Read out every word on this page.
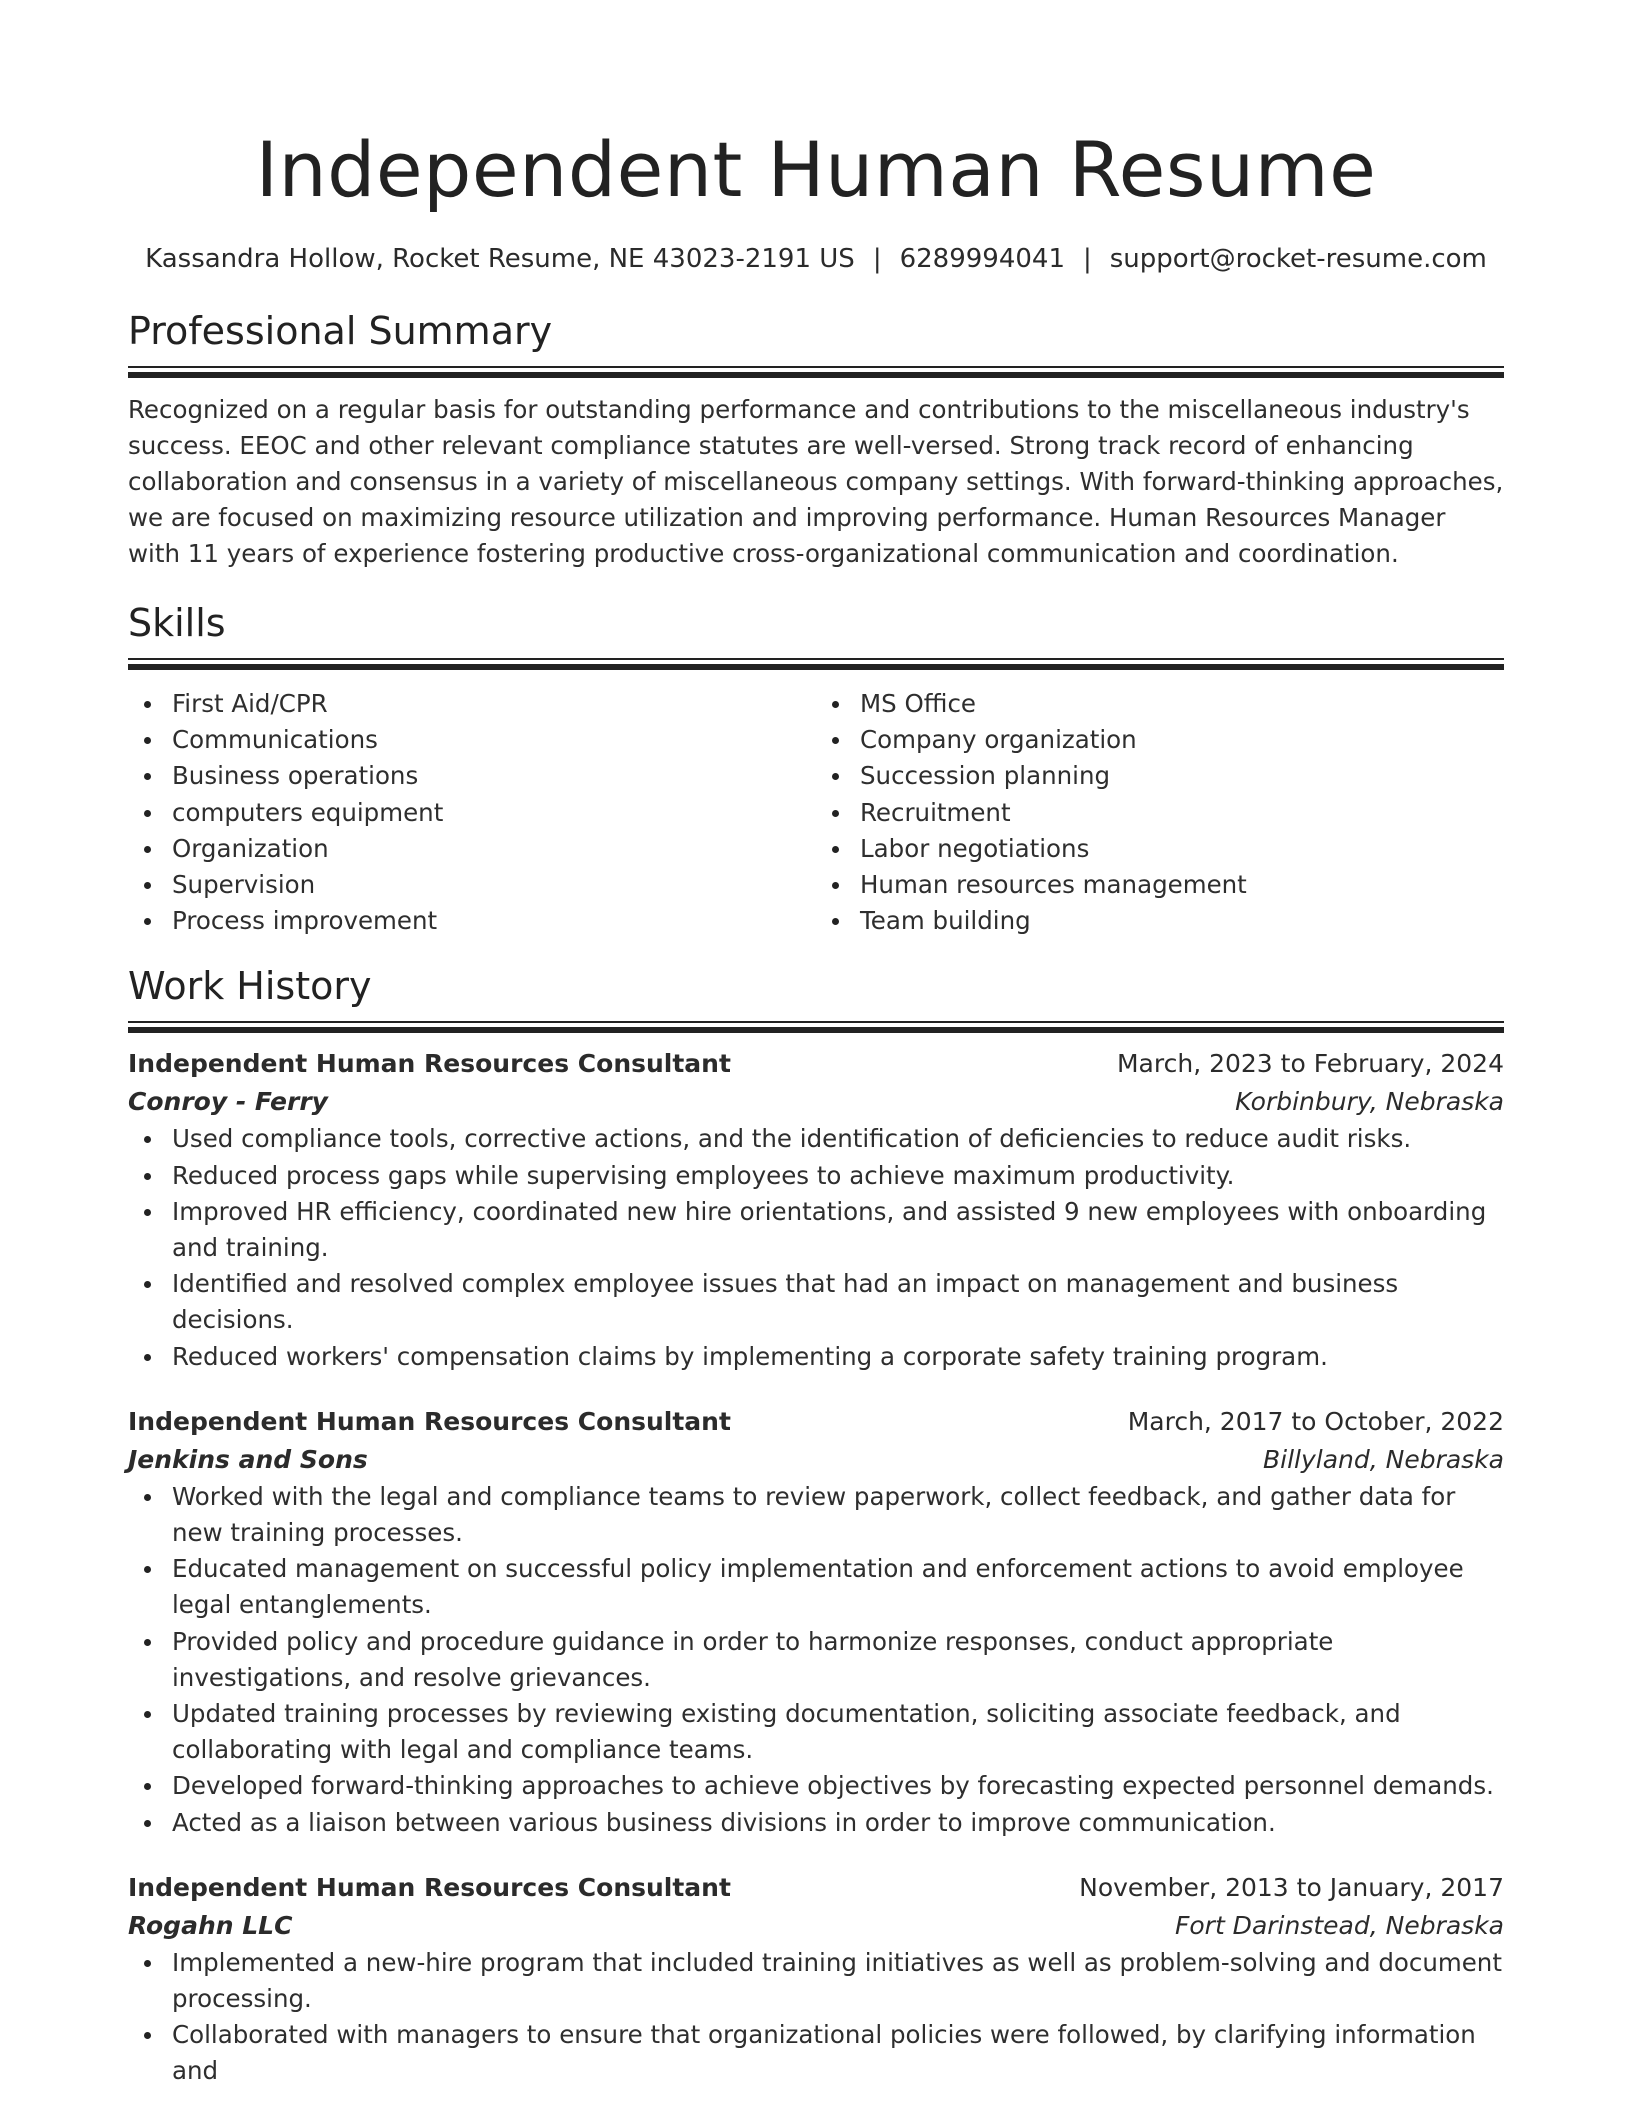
Independent Human Resume
Kassandra Hollow, Rocket Resume, NE 43023-2191 US | 6289994041 | support@rocket-resume.com
Professional Summary

Recognized on a regular basis for outstanding performance and contributions to the miscellaneous industry's success. EEOC and other relevant compliance statutes are well-versed. Strong track record of enhancing collaboration and consensus in a variety of miscellaneous company settings. With forward-thinking approaches, we are focused on maximizing resource utilization and improving performance. Human Resources Manager with 11 years of experience fostering productive cross-organizational communication and coordination.

Skills
First Aid/CPR
Communications
Business operations
computers equipment
Organization
Supervision
Process improvement
MS Office
Company organization
Succession planning
Recruitment
Labor negotiations
Human resources management
Team building
Work History
Independent Human Resources Consultant	March, 2023 to February, 2024
Conroy - Ferry	Korbinbury, Nebraska
Used compliance tools, corrective actions, and the identification of deficiencies to reduce audit risks.
Reduced process gaps while supervising employees to achieve maximum productivity.
Improved HR efficiency, coordinated new hire orientations, and assisted 9 new employees with onboarding and training.
Identified and resolved complex employee issues that had an impact on management and business decisions.
Reduced workers' compensation claims by implementing a corporate safety training program.
Independent Human Resources Consultant	March, 2017 to October, 2022
Jenkins and Sons	Billyland, Nebraska
Worked with the legal and compliance teams to review paperwork, collect feedback, and gather data for new training processes.
Educated management on successful policy implementation and enforcement actions to avoid employee legal entanglements.
Provided policy and procedure guidance in order to harmonize responses, conduct appropriate investigations, and resolve grievances.
Updated training processes by reviewing existing documentation, soliciting associate feedback, and collaborating with legal and compliance teams.
Developed forward-thinking approaches to achieve objectives by forecasting expected personnel demands.
Acted as a liaison between various business divisions in order to improve communication.
Independent Human Resources Consultant	November, 2013 to January, 2017
Rogahn LLC	Fort Darinstead, Nebraska
Implemented a new-hire program that included training initiatives as well as problem-solving and document processing.
Collaborated with managers to ensure that organizational policies were followed, by clarifying information and
